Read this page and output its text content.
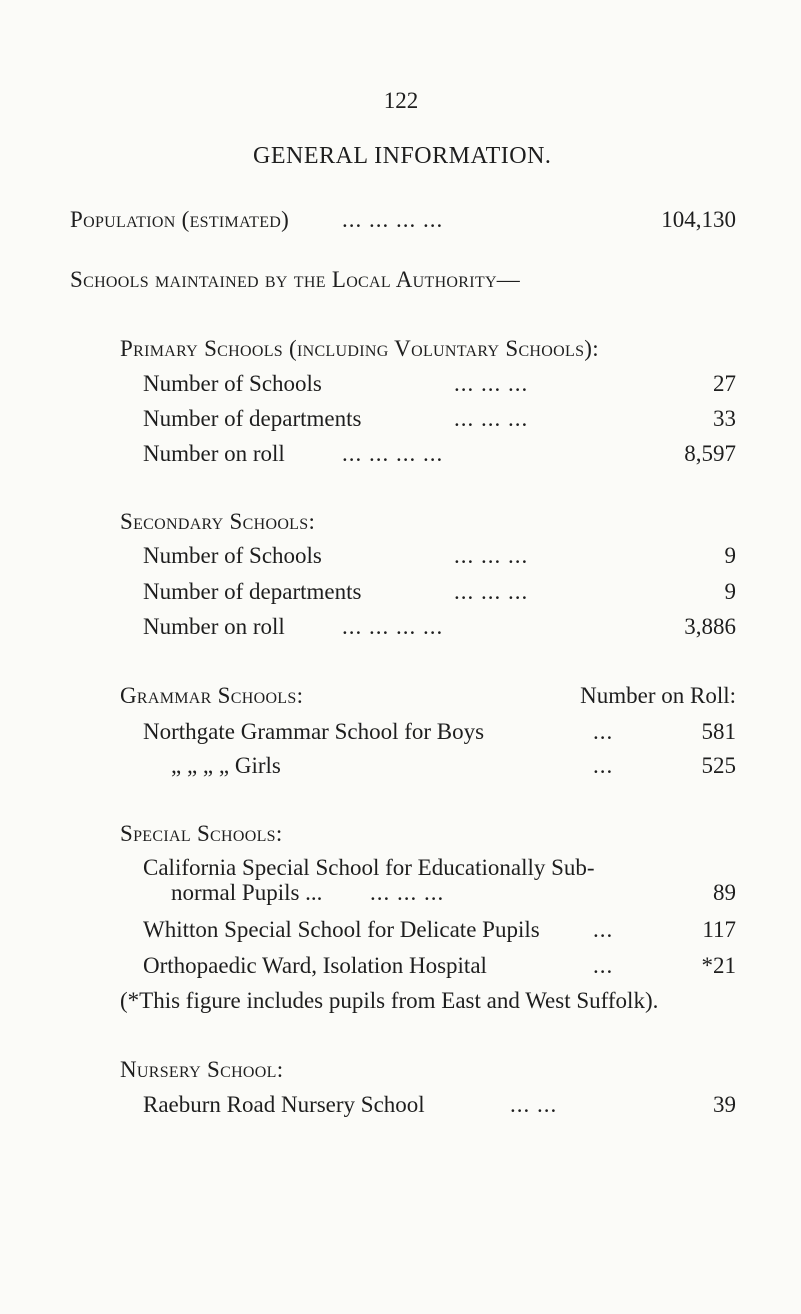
122
GENERAL INFORMATION.
Population (estimated) ... ... ... ...	104,130
Schools maintained by the Local Authority—
Primary Schools (including Voluntary Schools):
Number of Schools	... ... ...	27
Number of departments	... ... ...	33
Number on roll ... ... ... ...	8,597
Secondary Schools:
Number of Schools	... ... ...	9
Number of departments	... ... ...	9
Number on roll ... ... ... ...	3,886
Grammar Schools:	Number on Roll:
Northgate Grammar School for Boys	...	581
„ „ „ „ Girls	...	525
Special Schools:
California Special School for Educationally Sub-
normal Pupils ... ... ... ...	89
Whitton Special School for Delicate Pupils ...	117
Orthopaedic Ward, Isolation Hospital	...	*21
(*This figure includes pupils from East and West Suffolk).
Nursery School:
Raeburn Road Nursery School	... ...	39
